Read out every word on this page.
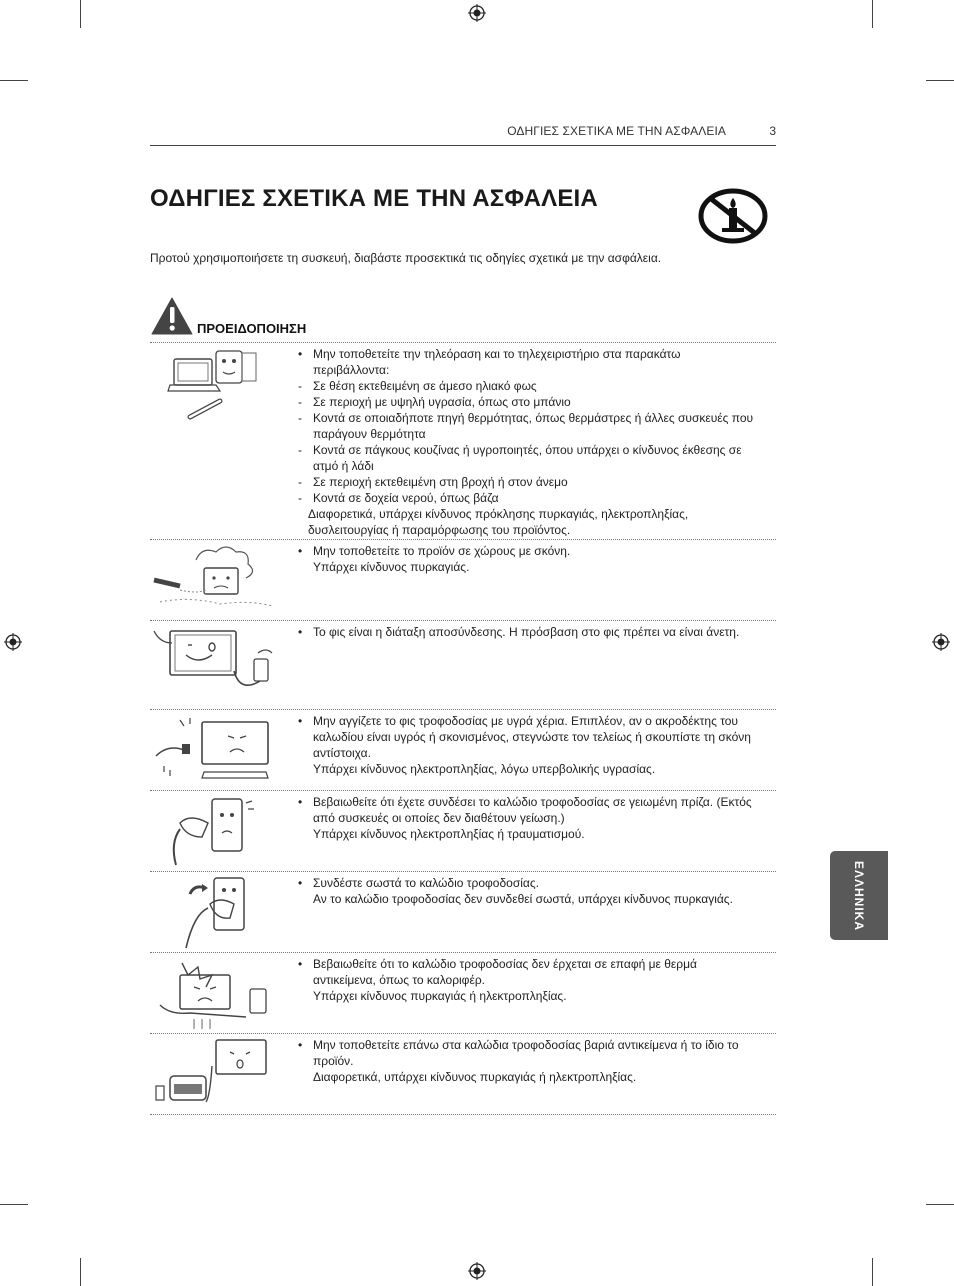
ΟΔΗΓΙΕΣ ΣΧΕΤΙΚΑ ΜΕ ΤΗΝ ΑΣΦΑΛΕΙΑ	3
ΟΔΗΓΙΕΣ ΣΧΕΤΙΚΑ ΜΕ ΤΗΝ ΑΣΦΑΛΕΙΑ

Προτού χρησιμοποιήσετε τη συσκευή, διαβάστε προσεκτικά τις οδηγίες σχετικά με την ασφάλεια.

ΠΡΟΕΙΔΟΠΟΙΗΣΗ
• Μην τοποθετείτε την τηλεόραση και το τηλεχειριστήριο στα παρακάτω περιβάλλοντα:
- Σε θέση εκτεθειμένη σε άμεσο ηλιακό φως
- Σε περιοχή με υψηλή υγρασία, όπως στο μπάνιο
- Κοντά σε οποιαδήποτε πηγή θερμότητας, όπως θερμάστρες ή άλλες συσκευές που παράγουν θερμότητα
- Κοντά σε πάγκους κουζίνας ή υγροποιητές, όπου υπάρχει ο κίνδυνος έκθεσης σε ατμό ή λάδι
- Σε περιοχή εκτεθειμένη στη βροχή ή στον άνεμο
- Κοντά σε δοχεία νερού, όπως βάζα
Διαφορετικά, υπάρχει κίνδυνος πρόκλησης πυρκαγιάς, ηλεκτροπληξίας, δυσλειτουργίας ή παραμόρφωσης του προϊόντος.
• Μην τοποθετείτε το προϊόν σε χώρους με σκόνη.
Υπάρχει κίνδυνος πυρκαγιάς.
• Το φις είναι η διάταξη αποσύνδεσης. Η πρόσβαση στο φις πρέπει να είναι άνετη.
• Μην αγγίζετε το φις τροφοδοσίας με υγρά χέρια. Επιπλέον, αν ο ακροδέκτης του καλωδίου είναι υγρός ή σκονισμένος, στεγνώστε τον τελείως ή σκουπίστε τη σκόνη αντίστοιχα.
Υπάρχει κίνδυνος ηλεκτροπληξίας, λόγω υπερβολικής υγρασίας.
• Βεβαιωθείτε ότι έχετε συνδέσει το καλώδιο τροφοδοσίας σε γειωμένη πρίζα. (Εκτός από συσκευές οι οποίες δεν διαθέτουν γείωση.)
Υπάρχει κίνδυνος ηλεκτροπληξίας ή τραυματισμού.
• Συνδέστε σωστά το καλώδιο τροφοδοσίας.
Αν το καλώδιο τροφοδοσίας δεν συνδεθεί σωστά, υπάρχει κίνδυνος πυρκαγιάς.
• Βεβαιωθείτε ότι το καλώδιο τροφοδοσίας δεν έρχεται σε επαφή με θερμά αντικείμενα, όπως το καλοριφέρ.
Υπάρχει κίνδυνος πυρκαγιάς ή ηλεκτροπληξίας.
• Μην τοποθετείτε επάνω στα καλώδια τροφοδοσίας βαριά αντικείμενα ή το ίδιο το προϊόν.
Διαφορετικά, υπάρχει κίνδυνος πυρκαγιάς ή ηλεκτροπληξίας.
ΕΛΛΗΝΙΚΑ
